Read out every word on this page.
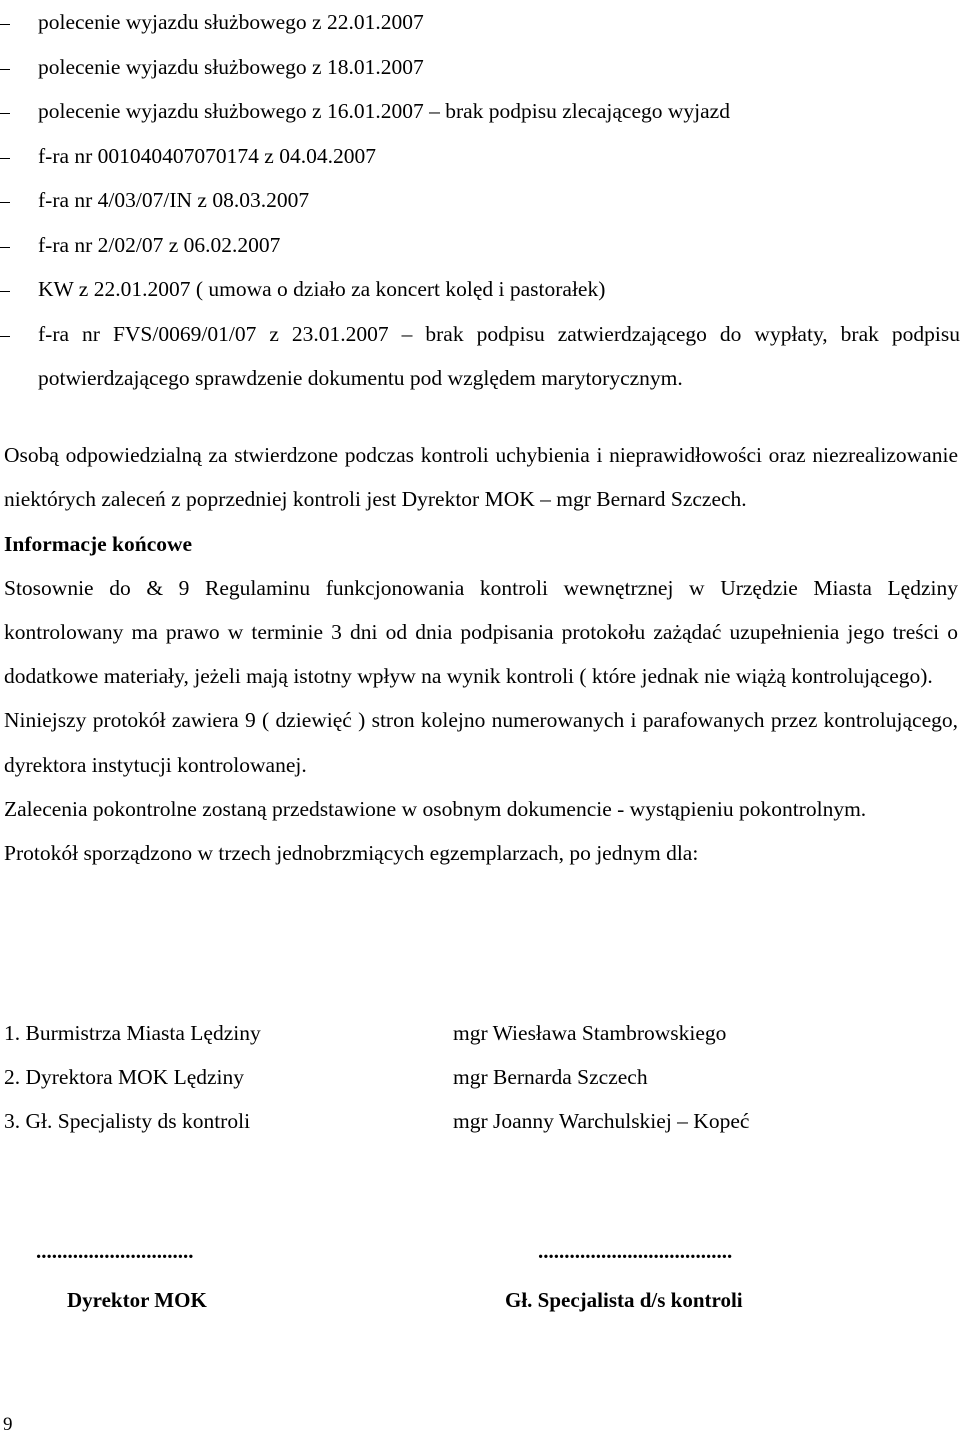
polecenie wyjazdu służbowego z 22.01.2007
polecenie wyjazdu służbowego z 18.01.2007
polecenie wyjazdu służbowego z 16.01.2007 – brak podpisu zlecającego wyjazd
f-ra nr 001040407070174 z 04.04.2007
f-ra nr 4/03/07/IN z 08.03.2007
f-ra nr 2/02/07 z 06.02.2007
KW z 22.01.2007 ( umowa o działo za koncert kolęd i pastorałek)
f-ra nr FVS/0069/01/07 z 23.01.2007 – brak podpisu zatwierdzającego do wypłaty, brak podpisu potwierdzającego sprawdzenie dokumentu pod względem marytorycznym.

Osobą odpowiedzialną za stwierdzone podczas kontroli uchybienia i nieprawidłowości oraz niezrealizowanie niektórych zaleceń z poprzedniej kontroli jest Dyrektor MOK – mgr Bernard Szczech.

Informacje końcowe

Stosownie do & 9 Regulaminu funkcjonowania kontroli wewnętrznej w Urzędzie Miasta Lędziny kontrolowany ma prawo w terminie 3 dni od dnia podpisania protokołu zażądać uzupełnienia jego treści o dodatkowe materiały, jeżeli mają istotny wpływ na wynik kontroli ( które jednak nie wiążą kontrolującego).

Niniejszy protokół zawiera 9 ( dziewięć ) stron kolejno numerowanych i parafowanych przez kontrolującego, dyrektora instytucji kontrolowanej.

Zalecenia pokontrolne zostaną przedstawione w osobnym dokumencie - wystąpieniu pokontrolnym.

Protokół sporządzono w trzech jednobrzmiących egzemplarzach, po jednym dla:

1. Burmistrza Miasta Lędziny	mgr Wiesława Stambrowskiego
2. Dyrektora MOK Lędziny	mgr Bernarda Szczech
3. Gł. Specjalisty ds kontroli	mgr Joanny Warchulskiej – Kopeć
..............................
Dyrektor MOK
.....................................
Gł. Specjalista d/s kontroli
9
